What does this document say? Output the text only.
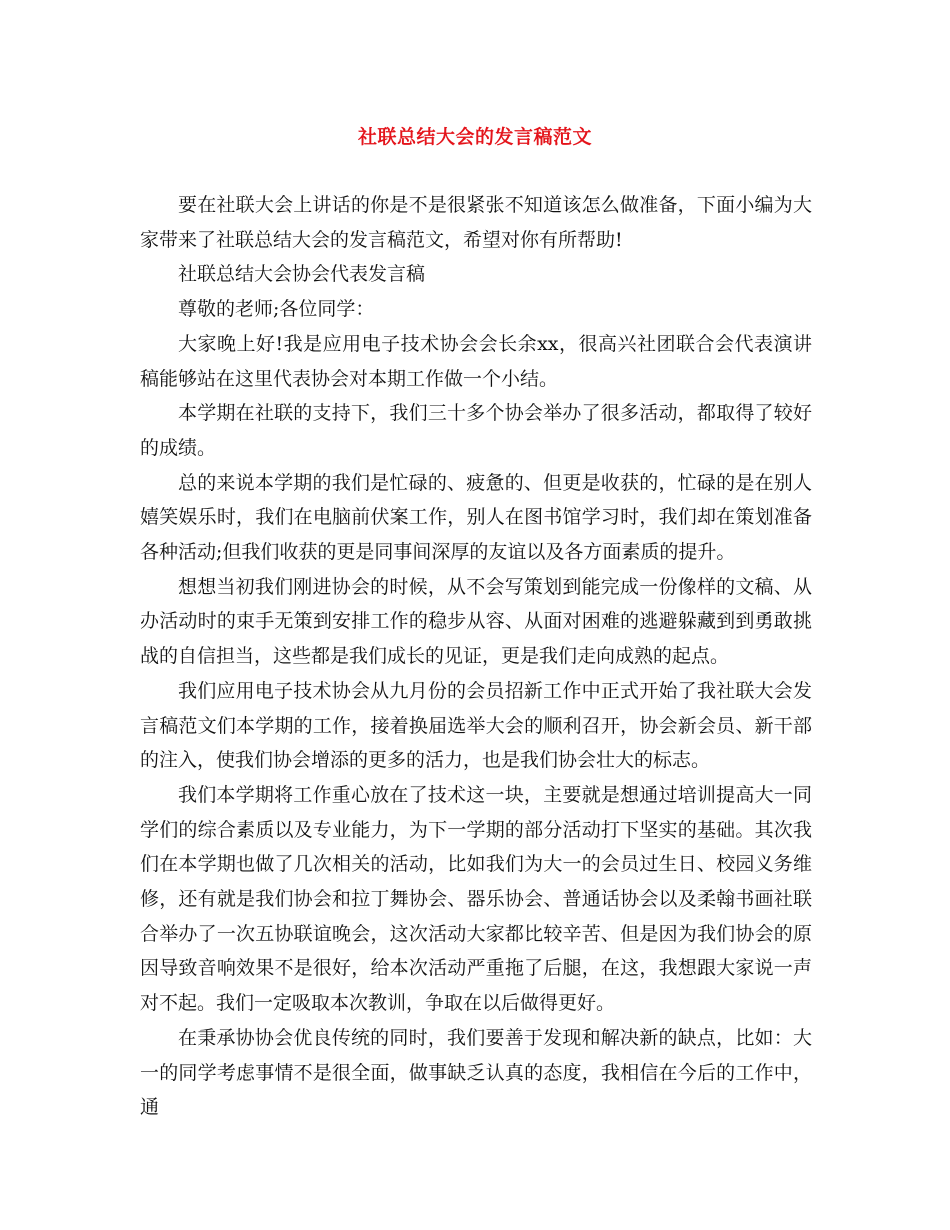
社联总结大会的发言稿范文

要在社联大会上讲话的你是不是很紧张不知道该怎么做准备，下面小编为大家带来了社联总结大会的发言稿范文，希望对你有所帮助!

社联总结大会协会代表发言稿

尊敬的老师;各位同学：

大家晚上好!我是应用电子技术协会会长余xx，很高兴社团联合会代表演讲稿能够站在这里代表协会对本期工作做一个小结。

本学期在社联的支持下，我们三十多个协会举办了很多活动，都取得了较好的成绩。

总的来说本学期的我们是忙碌的、疲惫的、但更是收获的，忙碌的是在别人嬉笑娱乐时，我们在电脑前伏案工作，别人在图书馆学习时，我们却在策划准备各种活动;但我们收获的更是同事间深厚的友谊以及各方面素质的提升。

想想当初我们刚进协会的时候，从不会写策划到能完成一份像样的文稿、从办活动时的束手无策到安排工作的稳步从容、从面对困难的逃避躲藏到到勇敢挑战的自信担当，这些都是我们成长的见证，更是我们走向成熟的起点。

我们应用电子技术协会从九月份的会员招新工作中正式开始了我社联大会发言稿范文们本学期的工作，接着换届选举大会的顺利召开，协会新会员、新干部的注入，使我们协会增添的更多的活力，也是我们协会壮大的标志。

我们本学期将工作重心放在了技术这一块，主要就是想通过培训提高大一同学们的综合素质以及专业能力，为下一学期的部分活动打下坚实的基础。其次我们在本学期也做了几次相关的活动，比如我们为大一的会员过生日、校园义务维修，还有就是我们协会和拉丁舞协会、器乐协会、普通话协会以及柔翰书画社联合举办了一次五协联谊晚会，这次活动大家都比较辛苦、但是因为我们协会的原因导致音响效果不是很好，给本次活动严重拖了后腿，在这，我想跟大家说一声对不起。我们一定吸取本次教训，争取在以后做得更好。

在秉承协协会优良传统的同时，我们要善于发现和解决新的缺点，比如：大一的同学考虑事情不是很全面，做事缺乏认真的态度，我相信在今后的工作中，通
